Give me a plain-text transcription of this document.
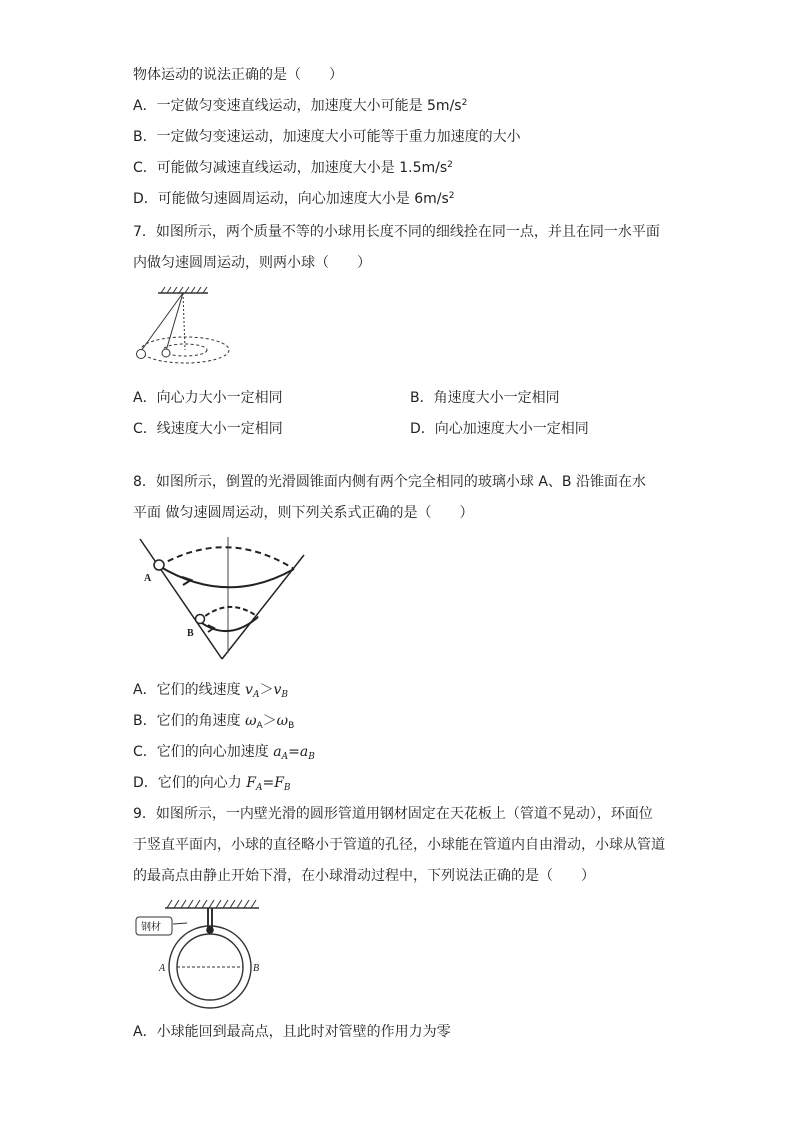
物体运动的说法正确的是（　　）
A．一定做匀变速直线运动，加速度大小可能是 $5m/s^2$
B．一定做匀变速运动，加速度大小可能等于重力加速度的大小
C．可能做匀减速直线运动，加速度大小是 $1.5m/s^2$
D．可能做匀速圆周运动，向心加速度大小是 $6m/s^2$
7．如图所示，两个质量不等的小球用长度不同的细线拴在同一点，并且在同一水平面
内做匀速圆周运动，则两小球（　　）
A．向心力大小一定相同	B．角速度大小一定相同
C．线速度大小一定相同	D．向心加速度大小一定相同
8．如图所示，倒置的光滑圆锥面内侧有两个完全相同的玻璃小球 A、B 沿锥面在水
平面 做匀速圆周运动，则下列关系式正确的是（　　）
A
B
A．它们的线速度 $v_A>v_B$
B．它们的角速度 $\omega_A>\omega_B$
C．它们的向心加速度 $a_A=a_B$
D．它们的向心力 $F_A=F_B$
9．如图所示，一内壁光滑的圆形管道用钢材固定在天花板上（管道不晃动），环面位
于竖直平面内，小球的直径略小于管道的孔径，小球能在管道内自由滑动，小球从管道
的最高点由静止开始下滑，在小球滑动过程中，下列说法正确的是（　　）
钢材
A	B
A．小球能回到最高点，且此时对管壁的作用力为零
